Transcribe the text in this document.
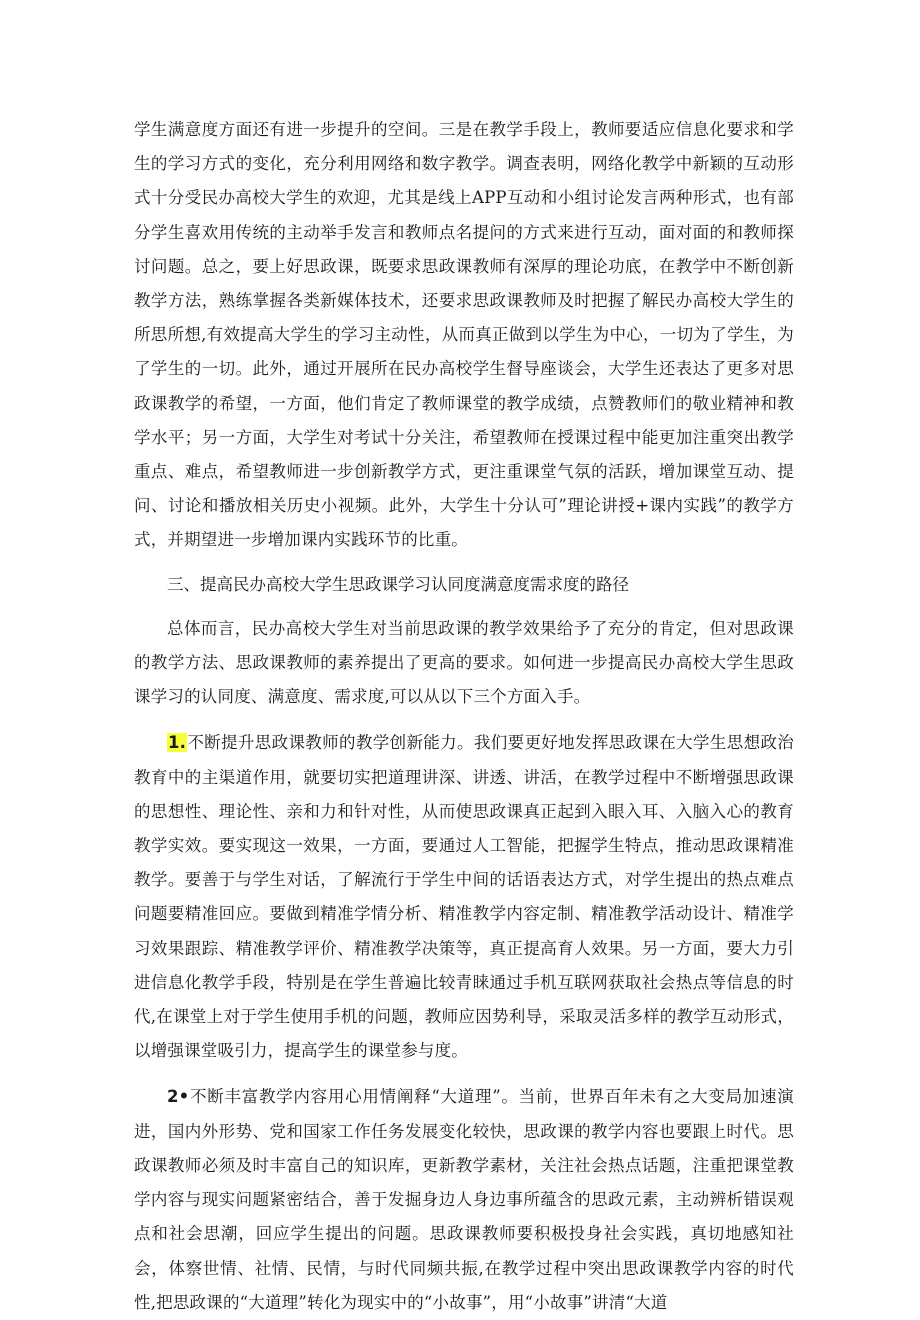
学生满意度方面还有进一步提升的空间。三是在教学手段上，教师要适应信息化要求和学生的学习方式的变化，充分利用网络和数字教学。调查表明，网络化教学中新颖的互动形式十分受民办高校大学生的欢迎，尤其是线上APP互动和小组讨论发言两种形式，也有部分学生喜欢用传统的主动举手发言和教师点名提问的方式来进行互动，面对面的和教师探讨问题。总之，要上好思政课，既要求思政课教师有深厚的理论功底，在教学中不断创新教学方法，熟练掌握各类新媒体技术，还要求思政课教师及时把握了解民办高校大学生的所思所想,有效提高大学生的学习主动性，从而真正做到以学生为中心，一切为了学生，为了学生的一切。此外，通过开展所在民办高校学生督导座谈会，大学生还表达了更多对思政课教学的希望，一方面，他们肯定了教师课堂的教学成绩，点赞教师们的敬业精神和教学水平；另一方面，大学生对考试十分关注，希望教师在授课过程中能更加注重突出教学重点、难点，希望教师进一步创新教学方式，更注重课堂气氛的活跃，增加课堂互动、提问、讨论和播放相关历史小视频。此外，大学生十分认可”理论讲授+课内实践”的教学方式，并期望进一步增加课内实践环节的比重。

三、提高民办高校大学生思政课学习认同度满意度需求度的路径

总体而言，民办高校大学生对当前思政课的教学效果给予了充分的肯定，但对思政课的教学方法、思政课教师的素养提出了更高的要求。如何进一步提高民办高校大学生思政课学习的认同度、满意度、需求度,可以从以下三个方面入手。

1.不断提升思政课教师的教学创新能力。我们要更好地发挥思政课在大学生思想政治教育中的主渠道作用，就要切实把道理讲深、讲透、讲活，在教学过程中不断增强思政课的思想性、理论性、亲和力和针对性，从而使思政课真正起到入眼入耳、入脑入心的教育教学实效。要实现这一效果，一方面，要通过人工智能，把握学生特点，推动思政课精准教学。要善于与学生对话，了解流行于学生中间的话语表达方式，对学生提出的热点难点问题要精准回应。要做到精准学情分析、精准教学内容定制、精准教学活动设计、精准学习效果跟踪、精准教学评价、精准教学决策等，真正提高育人效果。另一方面，要大力引进信息化教学手段，特别是在学生普遍比较青睐通过手机互联网获取社会热点等信息的时代,在课堂上对于学生使用手机的问题，教师应因势利导，采取灵活多样的教学互动形式，以增强课堂吸引力，提高学生的课堂参与度。

2•不断丰富教学内容用心用情阐释“大道理”。当前，世界百年未有之大变局加速演进，国内外形势、党和国家工作任务发展变化较快，思政课的教学内容也要跟上时代。思政课教师必须及时丰富自己的知识库，更新教学素材，关注社会热点话题，注重把课堂教学内容与现实问题紧密结合，善于发掘身边人身边事所蕴含的思政元素，主动辨析错误观点和社会思潮，回应学生提出的问题。思政课教师要积极投身社会实践，真切地感知社会，体察世情、社情、民情，与时代同频共振,在教学过程中突出思政课教学内容的时代性,把思政课的“大道理”转化为现实中的“小故事”，用“小故事”讲清“大道
